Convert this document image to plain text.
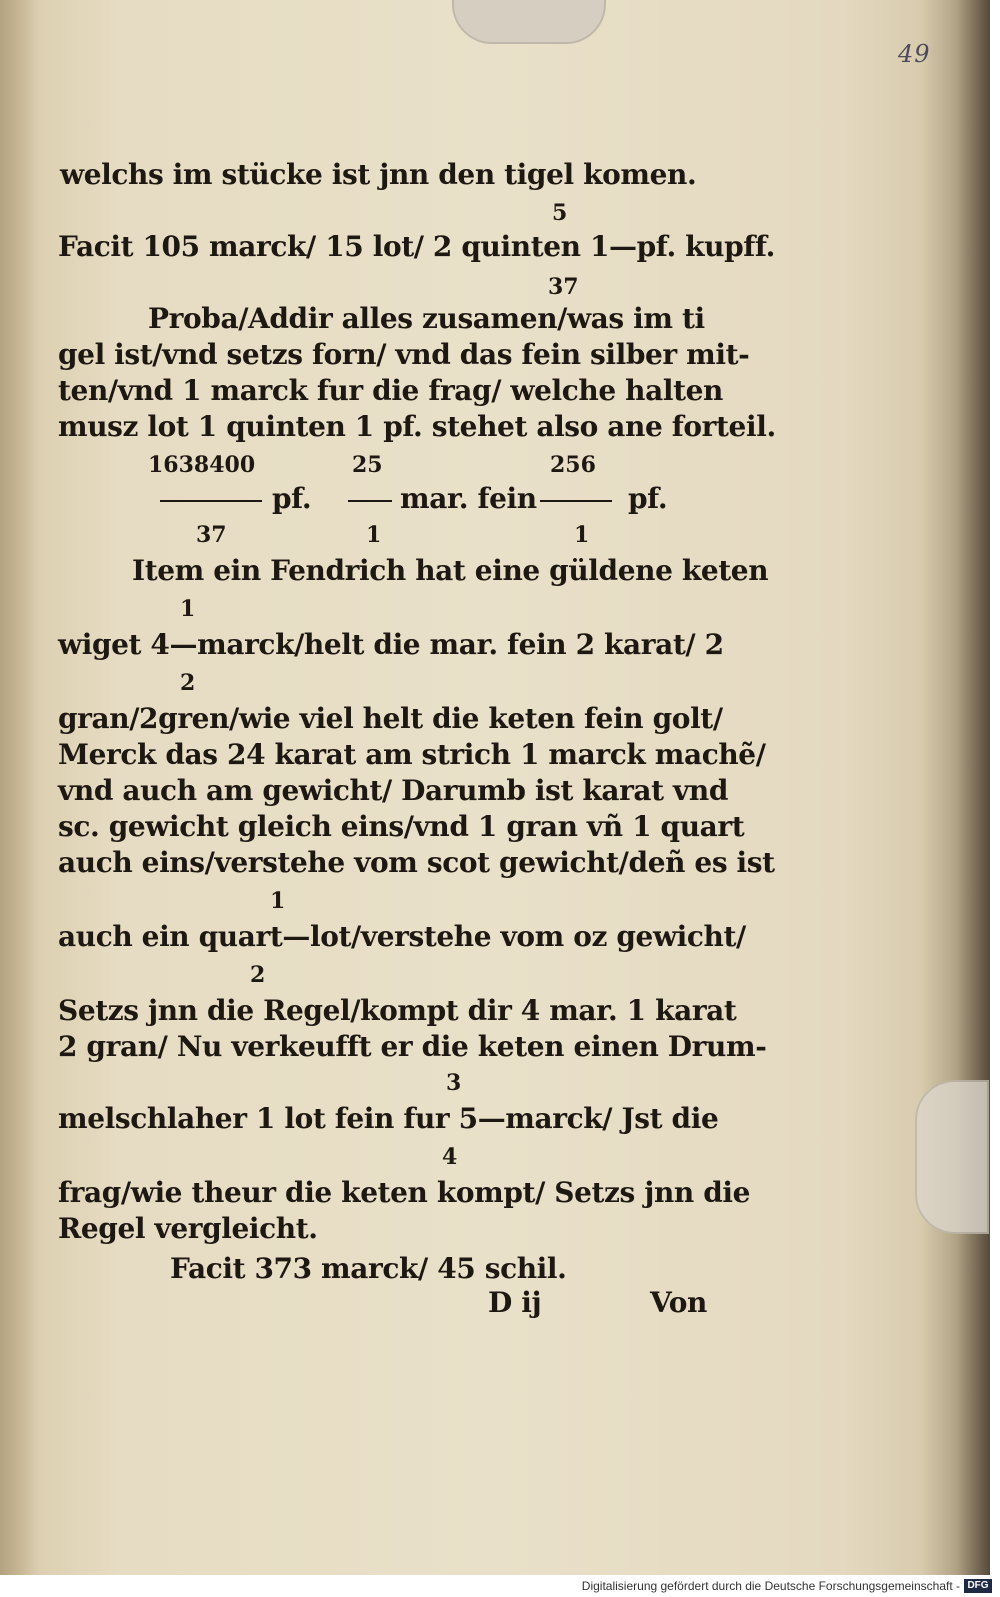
49
welchs im stücke ist jnn den tigel komen.
5
Facit 105 marck/ 15 lot/ 2 quinten 1—pf. kupff.
37
Proba/Addir alles zusamen/was im ti
gel ist/vnd setzs forn/ vnd das fein silber mit-
ten/vnd 1 marck fur die frag/ welche halten
musz lot 1 quinten 1 pf. stehet also ane forteil.
1638400	25	256
pf.	mar. fein	pf.
37	1	1
Item ein Fendrich hat eine güldene keten
1
wiget 4—marck/helt die mar. fein 2 karat/ 2
2
gran/2gren/wie viel helt die keten fein golt/
Merck das 24 karat am strich 1 marck machẽ/
vnd auch am gewicht/ Darumb ist karat vnd
sc. gewicht gleich eins/vnd 1 gran vñ 1 quart
auch eins/verstehe vom scot gewicht/deñ es ist
1
auch ein quart—lot/verstehe vom oz gewicht/
2
Setzs jnn die Regel/kompt dir 4 mar. 1 karat
2 gran/ Nu verkeufft er die keten einen Drum-
3
melschlaher 1 lot fein fur 5—marck/ Jst die
4
frag/wie theur die keten kompt/ Setzs jnn die
Regel vergleicht.
Facit 373 marck/ 45 schil.
D ij	Von
Digitalisierung gefördert durch die Deutsche Forschungsgemeinschaft - DFG
